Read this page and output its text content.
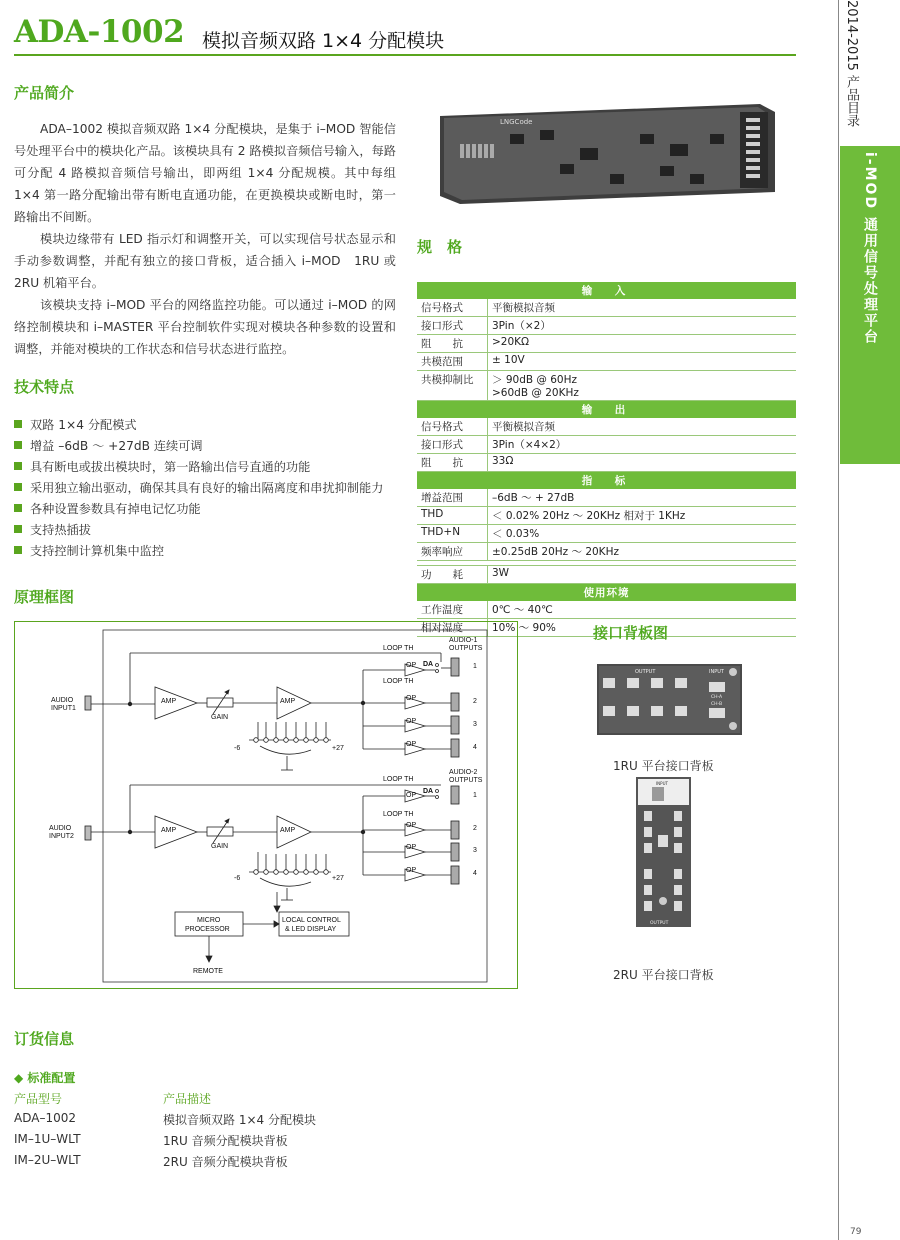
ADA-1002 模拟音频双路 1×4 分配模块	2014-2015 产品目录
i-MOD 通用信号处理平台
产品简介
ADA–1002 模拟音频双路 1×4 分配模块，是集于 i–MOD 智能信号处理平台中的模块化产品。该模块具有 2 路模拟音频信号输入，每路可分配 4 路模拟音频信号输出，即两组 1×4 分配规模。其中每组 1×4 第一路分配输出带有断电直通功能，在更换模块或断电时，第一路输出不间断。
模块边缘带有 LED 指示灯和调整开关，可以实现信号状态显示和手动参数调整，并配有独立的接口背板，适合插入 i–MOD　1RU 或 2RU 机箱平台。
该模块支持 i–MOD 平台的网络监控功能。可以通过 i–MOD 的网络控制模块和 i–MASTER 平台控制软件实现对模块各种参数的设置和调整，并能对模块的工作状态和信号状态进行监控。
技术特点
双路 1×4 分配模式
增益 –6dB ～ +27dB 连续可调
具有断电或拔出模块时，第一路输出信号直通的功能
采用独立输出驱动，确保其具有良好的输出隔离度和串扰抑制能力
各种设置参数具有掉电记忆功能
支持热插拔
支持控制计算机集中监控
LNGCode
规　格
输　入	
信号格式	平衡模拟音频
接口形式	3Pin（×2）
阻　　抗	>20KΩ
共模范围	± 10V
共模抑制比	＞ 90dB @ 60Hz
>60dB @ 20KHz
输　出	
信号格式	平衡模拟音频
接口形式	3Pin（×4×2）
阻　　抗	33Ω
指　标	
增益范围	–6dB ～ + 27dB
THD	＜ 0.02% 20Hz ～ 20KHz 相对于 1KHz
THD+N	＜ 0.03%
频率响应	±0.25dB 20Hz ～ 20KHz

功　　耗	3W
使用环境	
工作温度	0℃ ～ 40℃
相对湿度	10% ～ 90%
原理框图
LOOP TH
OP DA
LOOP TH
OP
OP
OP
AUDIO-1
OUTPUTS
1
2
3
4
AUDIO
INPUT1
AMP	AMP
GAIN
-6	+27
LOOP TH
OP
DA
LOOP TH
OP
OP
OP
AUDIO-2
OUTPUTS
1
2
3
4
AUDIO
INPUT2
AMP	AMP
GAIN
-6	+27
MICRO
PROCESSOR
LOCAL CONTROL
& LED DISPLAY
REMOTE
接口背板图
OUTPUT	INPUT
CH-A
CH-B
1RU 平台接口背板
INPUT
OUTPUT
2RU 平台接口背板
订货信息
◆ 标准配置
产品型号	产品描述
ADA–1002	模拟音频双路 1×4 分配模块
IM–1U–WLT	1RU 音频分配模块背板
IM–2U–WLT	2RU 音频分配模块背板
79
